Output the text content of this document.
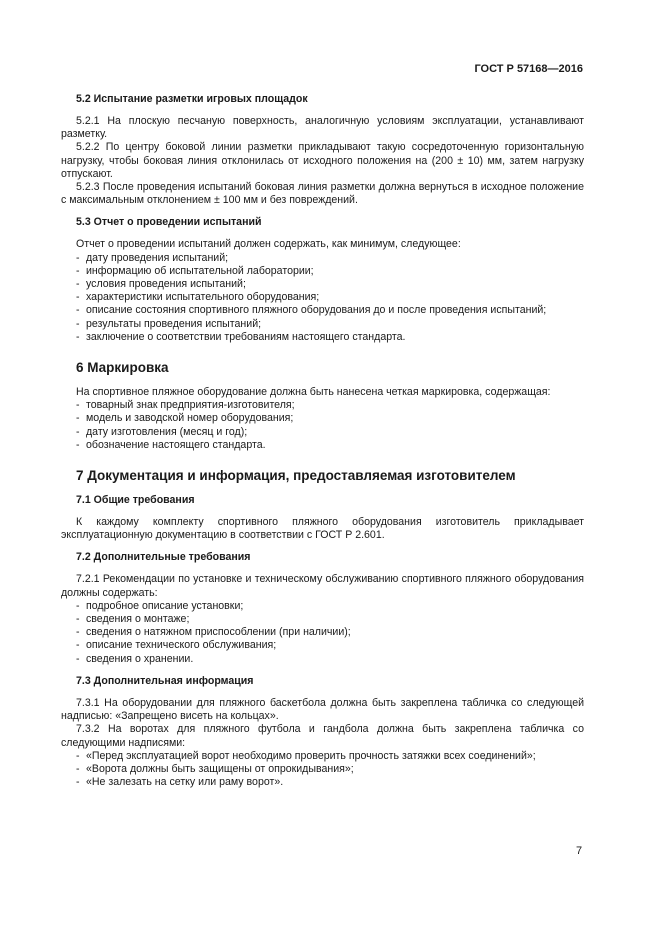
ГОСТ Р 57168—2016
5.2 Испытание разметки игровых площадок

5.2.1 На плоскую песчаную поверхность, аналогичную условиям эксплуатации, устанавливают разметку.

5.2.2 По центру боковой линии разметки прикладывают такую сосредоточенную горизонтальную нагрузку, чтобы боковая линия отклонилась от исходного положения на (200 ± 10) мм, затем нагрузку отпускают.

5.2.3 После проведения испытаний боковая линия разметки должна вернуться в исходное положение с максимальным отклонением ± 100 мм и без повреждений.

5.3 Отчет о проведении испытаний

Отчет о проведении испытаний должен содержать, как минимум, следующее:

- дату проведения испытаний;
- информацию об испытательной лаборатории;
- условия проведения испытаний;
- характеристики испытательного оборудования;
- описание состояния спортивного пляжного оборудования до и после проведения испытаний;
- результаты проведения испытаний;
- заключение о соответствии требованиям настоящего стандарта.
6 Маркировка

На спортивное пляжное оборудование должна быть нанесена четкая маркировка, содержащая:

- товарный знак предприятия-изготовителя;
- модель и заводской номер оборудования;
- дату изготовления (месяц и год);
- обозначение настоящего стандарта.
7 Документация и информация, предоставляемая изготовителем
7.1 Общие требования

К каждому комплекту спортивного пляжного оборудования изготовитель прикладывает эксплуатационную документацию в соответствии с ГОСТ Р 2.601.

7.2 Дополнительные требования

7.2.1 Рекомендации по установке и техническому обслуживанию спортивного пляжного оборудования должны содержать:

- подробное описание установки;
- сведения о монтаже;
- сведения о натяжном приспособлении (при наличии);
- описание технического обслуживания;
- сведения о хранении.
7.3 Дополнительная информация

7.3.1 На оборудовании для пляжного баскетбола должна быть закреплена табличка со следующей надписью: «Запрещено висеть на кольцах».

7.3.2 На воротах для пляжного футбола и гандбола должна быть закреплена табличка со следующими надписями:

- «Перед эксплуатацией ворот необходимо проверить прочность затяжки всех соединений»;
- «Ворота должны быть защищены от опрокидывания»;
- «Не залезать на сетку или раму ворот».
7
